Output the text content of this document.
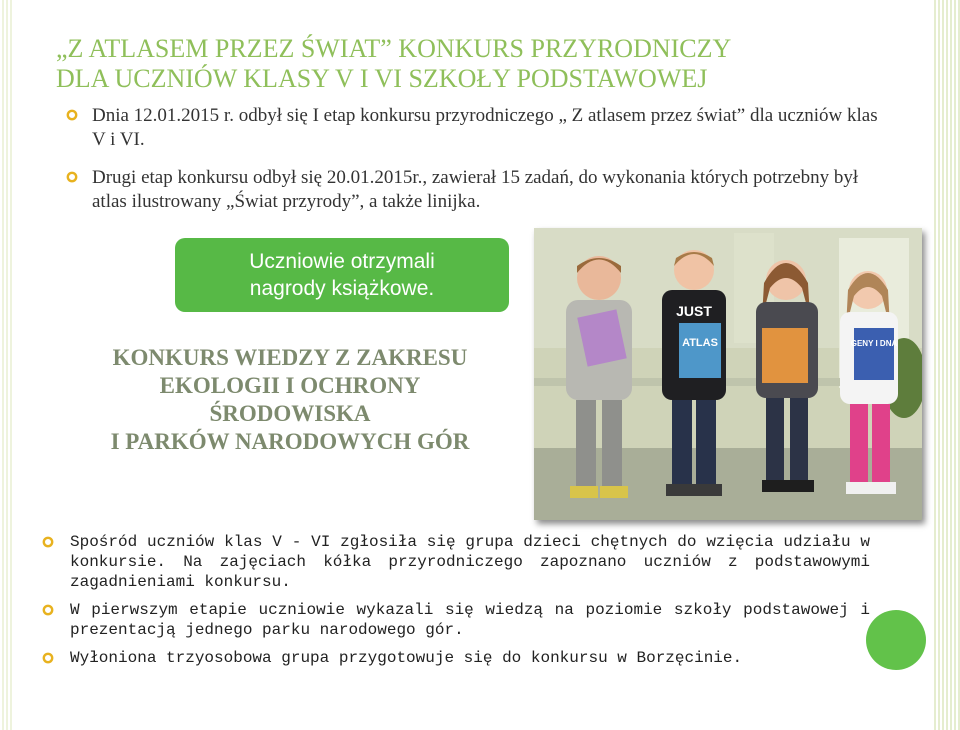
„Z ATLASEM PRZEZ ŚWIAT” KONKURS PRZYRODNICZY
DLA UCZNIÓW KLASY V I VI SZKOŁY PODSTAWOWEJ
Dnia 12.01.2015 r. odbył się I etap konkursu przyrodniczego „ Z atlasem przez świat” dla uczniów klas V i VI.
Drugi etap konkursu odbył się 20.01.2015r., zawierał 15 zadań, do wykonania których potrzebny był atlas ilustrowany „Świat przyrody”, a także linijka.
Uczniowie otrzymali
nagrody książkowe.
KONKURS WIEDZY Z ZAKRESU
EKOLOGII I OCHRONY
ŚRODOWISKA
I PARKÓW NARODOWYCH GÓR
ATLAS
JUST
GENY I DNA
Spośród uczniów klas V - VI zgłosiła się grupa dzieci chętnych do wzięcia udziału w konkursie. Na zajęciach kółka przyrodniczego zapoznano uczniów z podstawowymi zagadnieniami konkursu.
W pierwszym etapie uczniowie wykazali się wiedzą na poziomie szkoły podstawowej i prezentacją jednego parku narodowego gór.
Wyłoniona trzyosobowa grupa przygotowuje się do konkursu w Borzęcinie.
